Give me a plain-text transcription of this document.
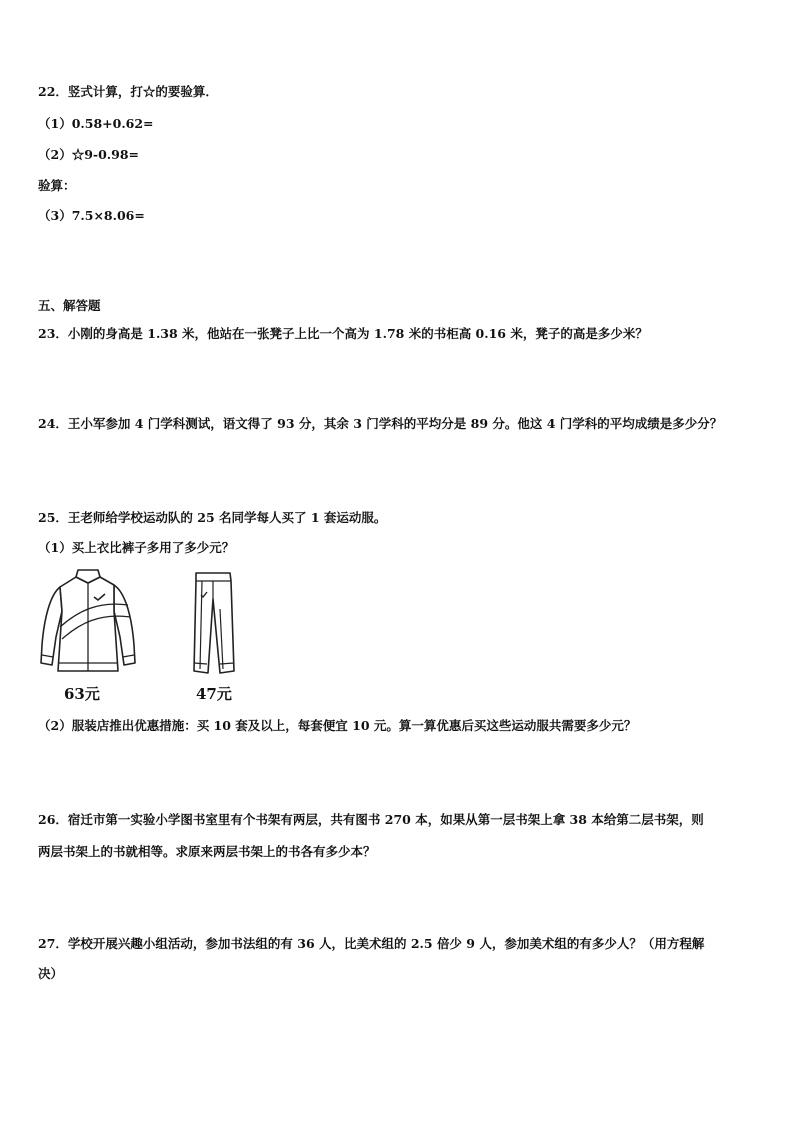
22．竖式计算，打☆的要验算．
（1）0.58+0.62=
（2）☆9-0.98=
验算：
（3）7.5×8.06=
五、解答题
23．小刚的身高是 1.38 米，他站在一张凳子上比一个高为 1.78 米的书柜高 0.16 米，凳子的高是多少米？
24．王小军参加 4 门学科测试，语文得了 93 分，其余 3 门学科的平均分是 89 分。他这 4 门学科的平均成绩是多少分？
25．王老师给学校运动队的 25 名同学每人买了 1 套运动服。
（1）买上衣比裤子多用了多少元？
63元	47元
（2）服装店推出优惠措施：买 10 套及以上，每套便宜 10 元。算一算优惠后买这些运动服共需要多少元？
26．宿迁市第一实验小学图书室里有个书架有两层，共有图书 270 本，如果从第一层书架上拿 38 本给第二层书架，则
两层书架上的书就相等。求原来两层书架上的书各有多少本？
27．学校开展兴趣小组活动，参加书法组的有 36 人，比美术组的 2.5 倍少 9 人，参加美术组的有多少人？（用方程解
决）
